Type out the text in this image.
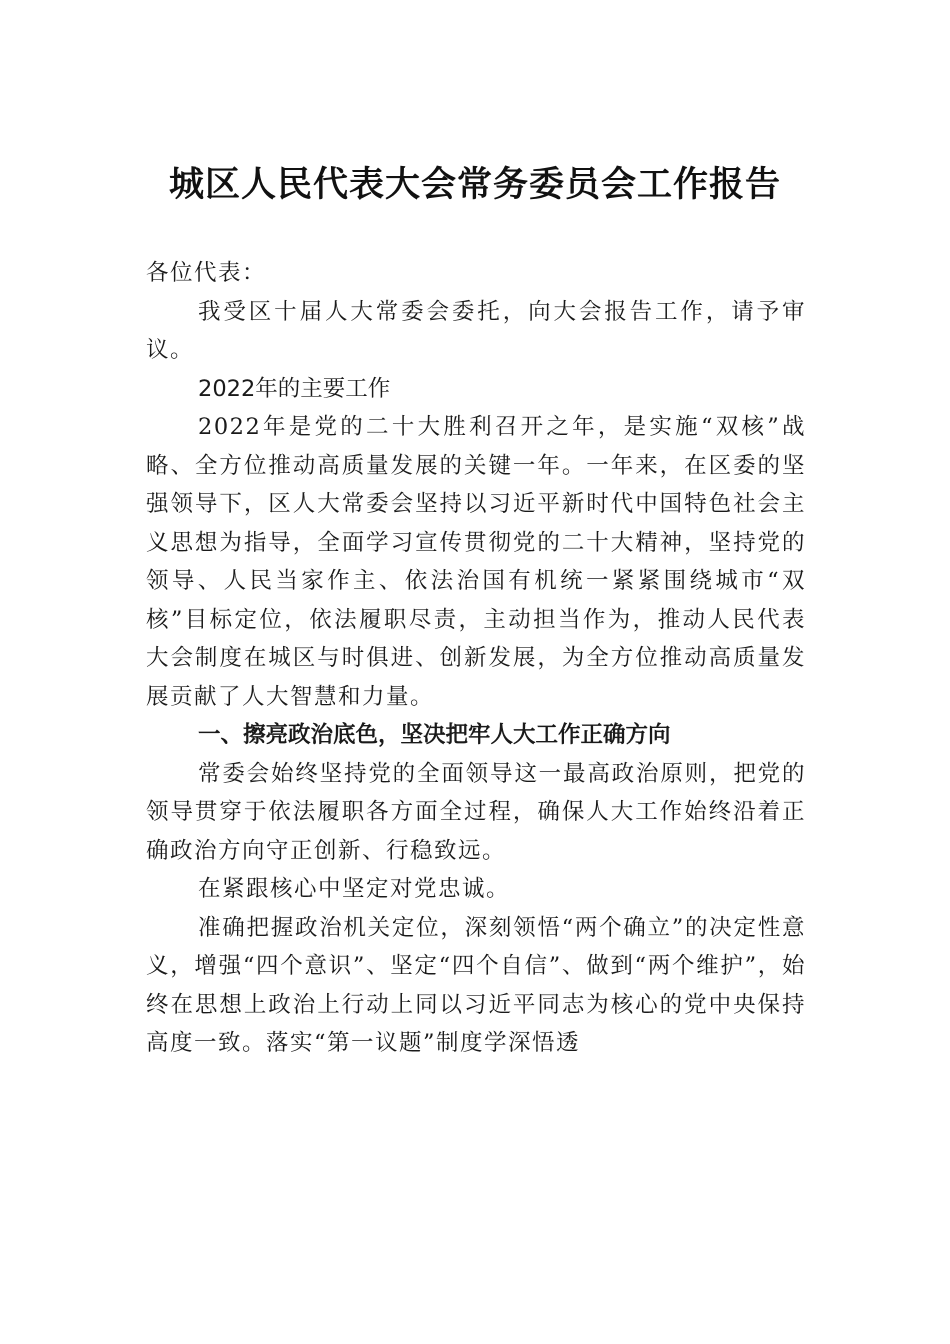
城区人民代表大会常务委员会工作报告

各位代表：

我受区十届人大常委会委托，向大会报告工作，请予审议。

2022年的主要工作

2022年是党的二十大胜利召开之年，是实施“双核”战略、全方位推动高质量发展的关键一年。一年来，在区委的坚强领导下，区人大常委会坚持以习近平新时代中国特色社会主义思想为指导，全面学习宣传贯彻党的二十大精神，坚持党的领导、人民当家作主、依法治国有机统一紧紧围绕城市“双核”目标定位，依法履职尽责，主动担当作为，推动人民代表大会制度在城区与时俱进、创新发展，为全方位推动高质量发展贡献了人大智慧和力量。

一、擦亮政治底色，坚决把牢人大工作正确方向

常委会始终坚持党的全面领导这一最高政治原则，把党的领导贯穿于依法履职各方面全过程，确保人大工作始终沿着正确政治方向守正创新、行稳致远。

在紧跟核心中坚定对党忠诚。

准确把握政治机关定位，深刻领悟“两个确立”的决定性意义，增强“四个意识”、坚定“四个自信”、做到“两个维护”，始终在思想上政治上行动上同以习近平同志为核心的党中央保持高度一致。落实“第一议题”制度学深悟透
